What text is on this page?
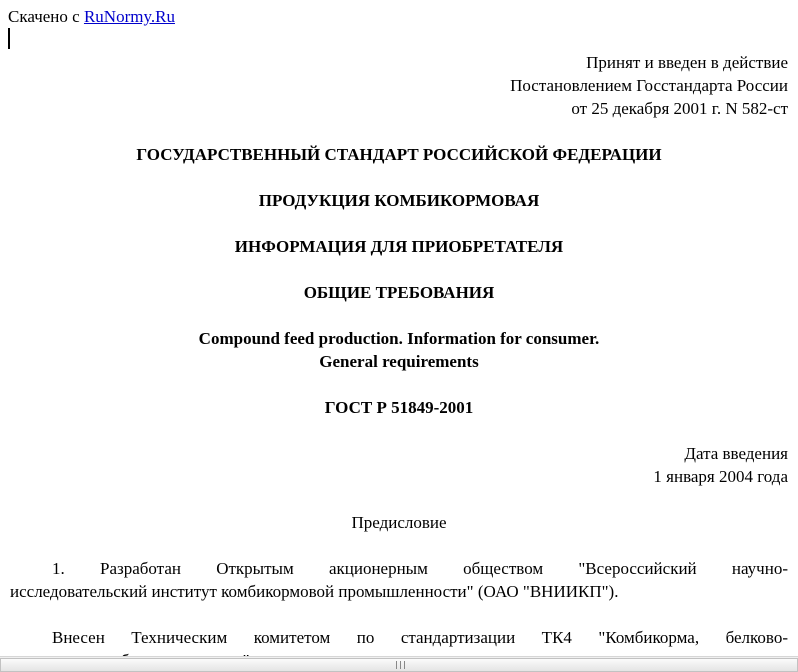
Скачено с RuNormy.Ru
Принят и введен в действие
Постановлением Госстандарта России
от 25 декабря 2001 г. N 582-ст
ГОСУДАРСТВЕННЫЙ СТАНДАРТ РОССИЙСКОЙ ФЕДЕРАЦИИ
ПРОДУКЦИЯ КОМБИКОРМОВАЯ
ИНФОРМАЦИЯ ДЛЯ ПРИОБРЕТАТЕЛЯ
ОБЩИЕ ТРЕБОВАНИЯ
Compound feed production. Information for consumer.
General requirements
ГОСТ Р 51849-2001
Дата введения
1 января 2004 года
Предисловие
1. Разработан Открытым акционерным обществом "Всероссийский научно-
исследовательский институт комбикормовой промышленности" (ОАО "ВНИИКП").
Внесен Техническим комитетом по стандартизации ТК4 "Комбикорма, белково-
